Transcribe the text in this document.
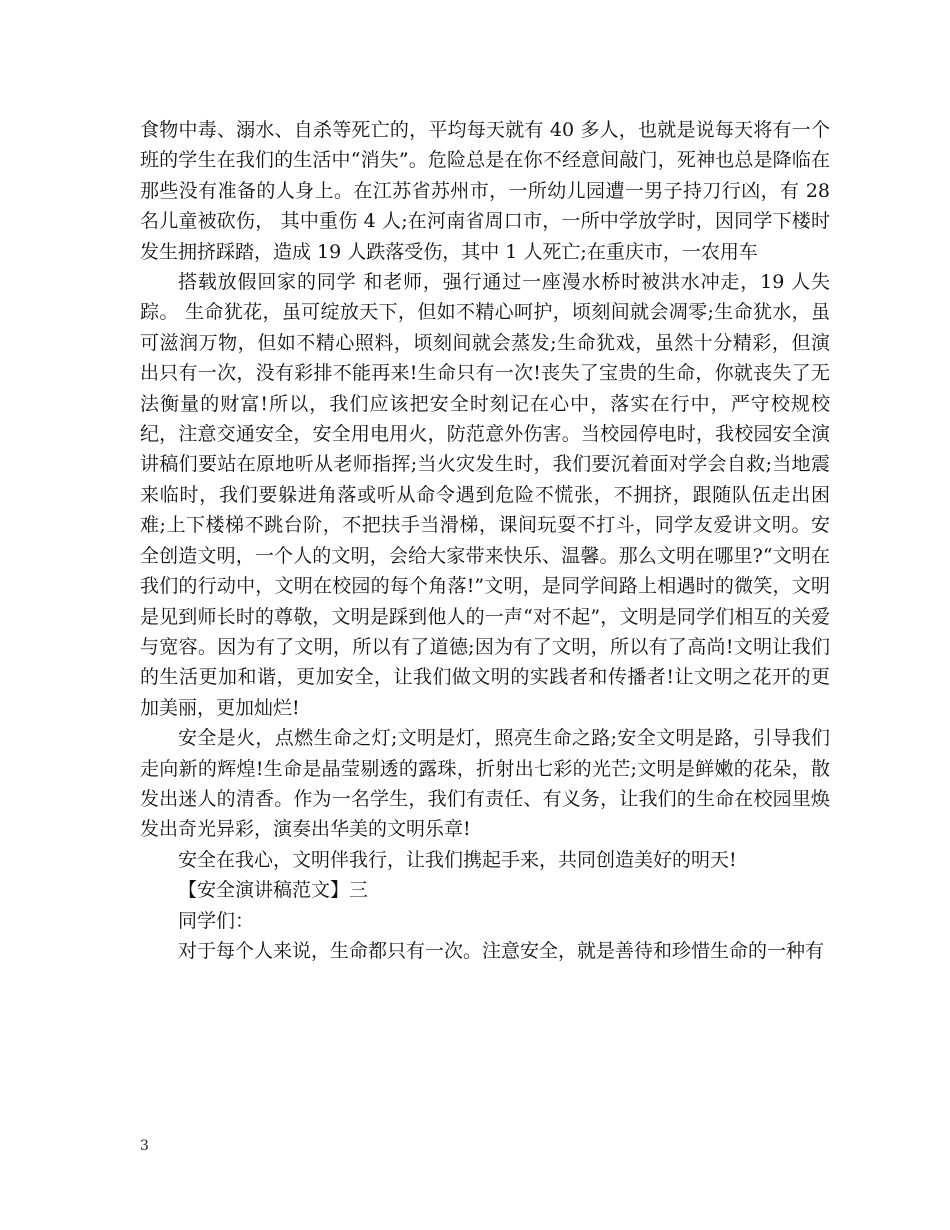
食物中毒、溺水、自杀等死亡的，平均每天就有 40 多人，也就是说每天将有一个班的学生在我们的生活中“消失”。危险总是在你不经意间敲门，死神也总是降临在那些没有准备的人身上。在江苏省苏州市，一所幼儿园遭一男子持刀行凶，有 28 名儿童被砍伤， 其中重伤 4 人;在河南省周口市，一所中学放学时，因同学下楼时发生拥挤踩踏，造成 19 人跌落受伤，其中 1 人死亡;在重庆市，一农用车

搭载放假回家的同学 和老师，强行通过一座漫水桥时被洪水冲走，19 人失踪。 生命犹花，虽可绽放天下，但如不精心呵护，顷刻间就会凋零;生命犹水，虽可滋润万物，但如不精心照料，顷刻间就会蒸发;生命犹戏，虽然十分精彩，但演出只有一次，没有彩排不能再来!生命只有一次!丧失了宝贵的生命，你就丧失了无法衡量的财富!所以，我们应该把安全时刻记在心中，落实在行中，严守校规校纪，注意交通安全，安全用电用火，防范意外伤害。当校园停电时，我校园安全演讲稿们要站在原地听从老师指挥;当火灾发生时，我们要沉着面对学会自救;当地震来临时，我们要躲进角落或听从命令遇到危险不慌张，不拥挤，跟随队伍走出困难;上下楼梯不跳台阶，不把扶手当滑梯，课间玩耍不打斗，同学友爱讲文明。安全创造文明，一个人的文明，会给大家带来快乐、温馨。那么文明在哪里?“文明在我们的行动中，文明在校园的每个角落!”文明，是同学间路上相遇时的微笑，文明是见到师长时的尊敬，文明是踩到他人的一声“对不起”，文明是同学们相互的关爱与宽容。因为有了文明，所以有了道德;因为有了文明，所以有了高尚!文明让我们的生活更加和谐，更加安全，让我们做文明的实践者和传播者!让文明之花开的更加美丽，更加灿烂!

安全是火，点燃生命之灯;文明是灯，照亮生命之路;安全文明是路，引导我们走向新的辉煌!生命是晶莹剔透的露珠，折射出七彩的光芒;文明是鲜嫩的花朵，散发出迷人的清香。作为一名学生，我们有责任、有义务，让我们的生命在校园里焕发出奇光异彩，演奏出华美的文明乐章!

安全在我心，文明伴我行，让我们携起手来，共同创造美好的明天!

【安全演讲稿范文】三

同学们：

对于每个人来说，生命都只有一次。注意安全，就是善待和珍惜生命的一种有

3
